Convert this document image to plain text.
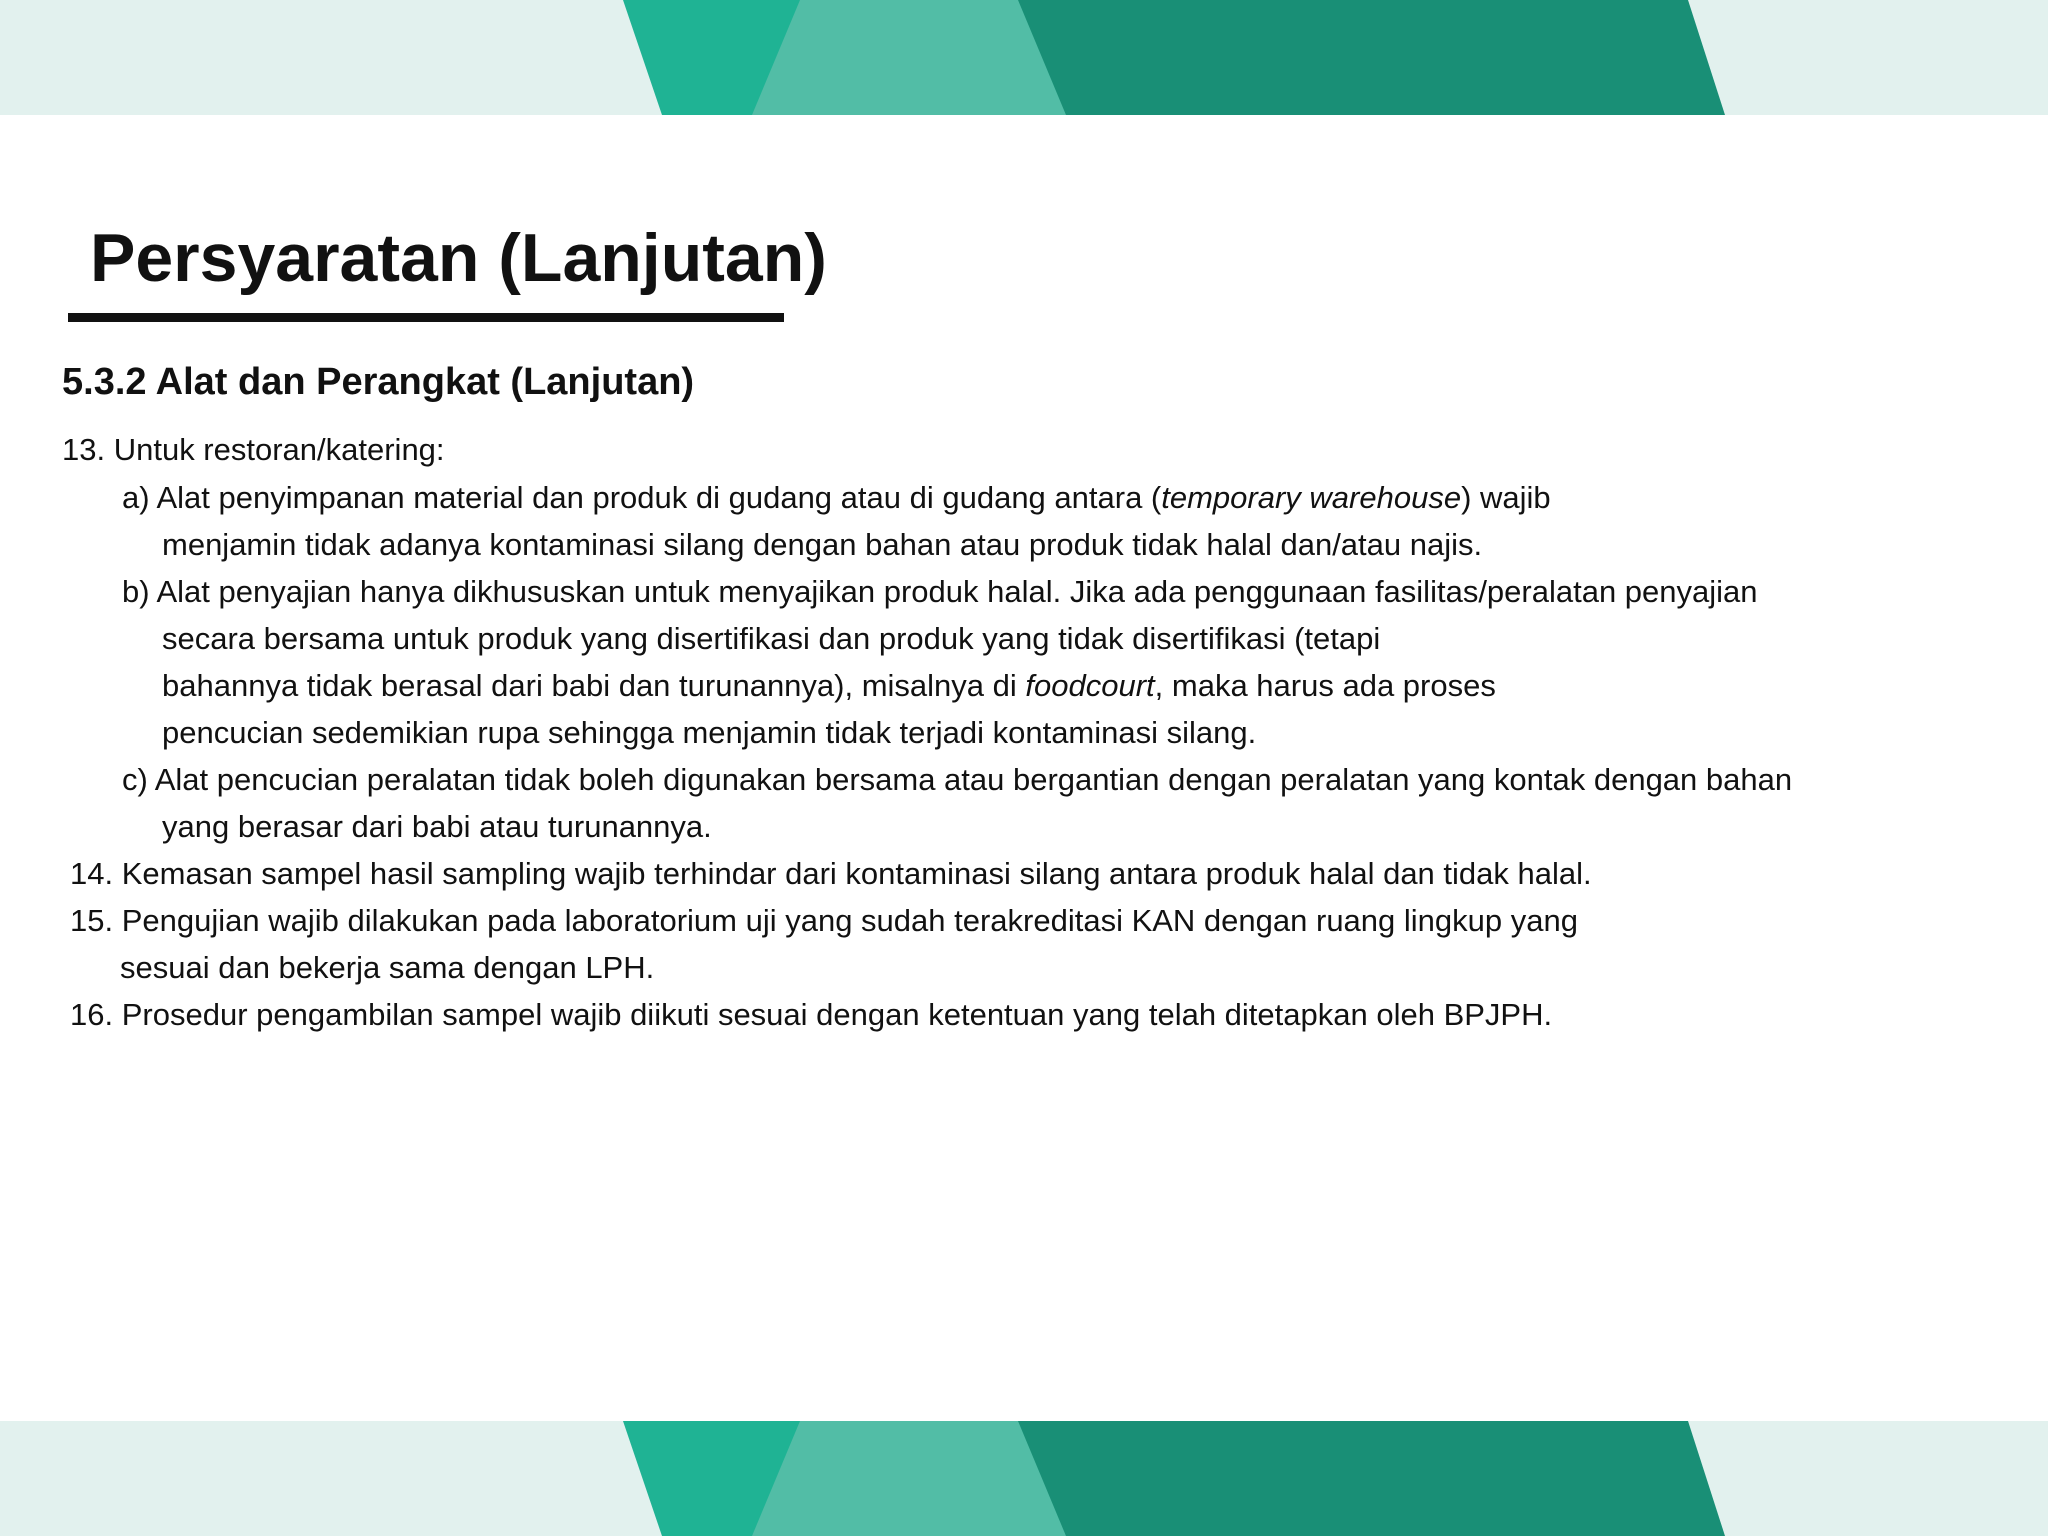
Persyaratan (Lanjutan)
5.3.2 Alat dan Perangkat (Lanjutan)

13. Untuk restoran/katering:

a) Alat penyimpanan material dan produk di gudang atau di gudang antara (temporary warehouse) wajib

menjamin tidak adanya kontaminasi silang dengan bahan atau produk tidak halal dan/atau najis.

b) Alat penyajian hanya dikhususkan untuk menyajikan produk halal. Jika ada penggunaan fasilitas/peralatan penyajian

secara bersama untuk produk yang disertifikasi dan produk yang tidak disertifikasi (tetapi

bahannya tidak berasal dari babi dan turunannya), misalnya di foodcourt, maka harus ada proses

pencucian sedemikian rupa sehingga menjamin tidak terjadi kontaminasi silang.

c) Alat pencucian peralatan tidak boleh digunakan bersama atau bergantian dengan peralatan yang kontak dengan bahan

yang berasar dari babi atau turunannya.

14. Kemasan sampel hasil sampling wajib terhindar dari kontaminasi silang antara produk halal dan tidak halal.

15. Pengujian wajib dilakukan pada laboratorium uji yang sudah terakreditasi KAN dengan ruang lingkup yang

sesuai dan bekerja sama dengan LPH.

16. Prosedur pengambilan sampel wajib diikuti sesuai dengan ketentuan yang telah ditetapkan oleh BPJPH.
